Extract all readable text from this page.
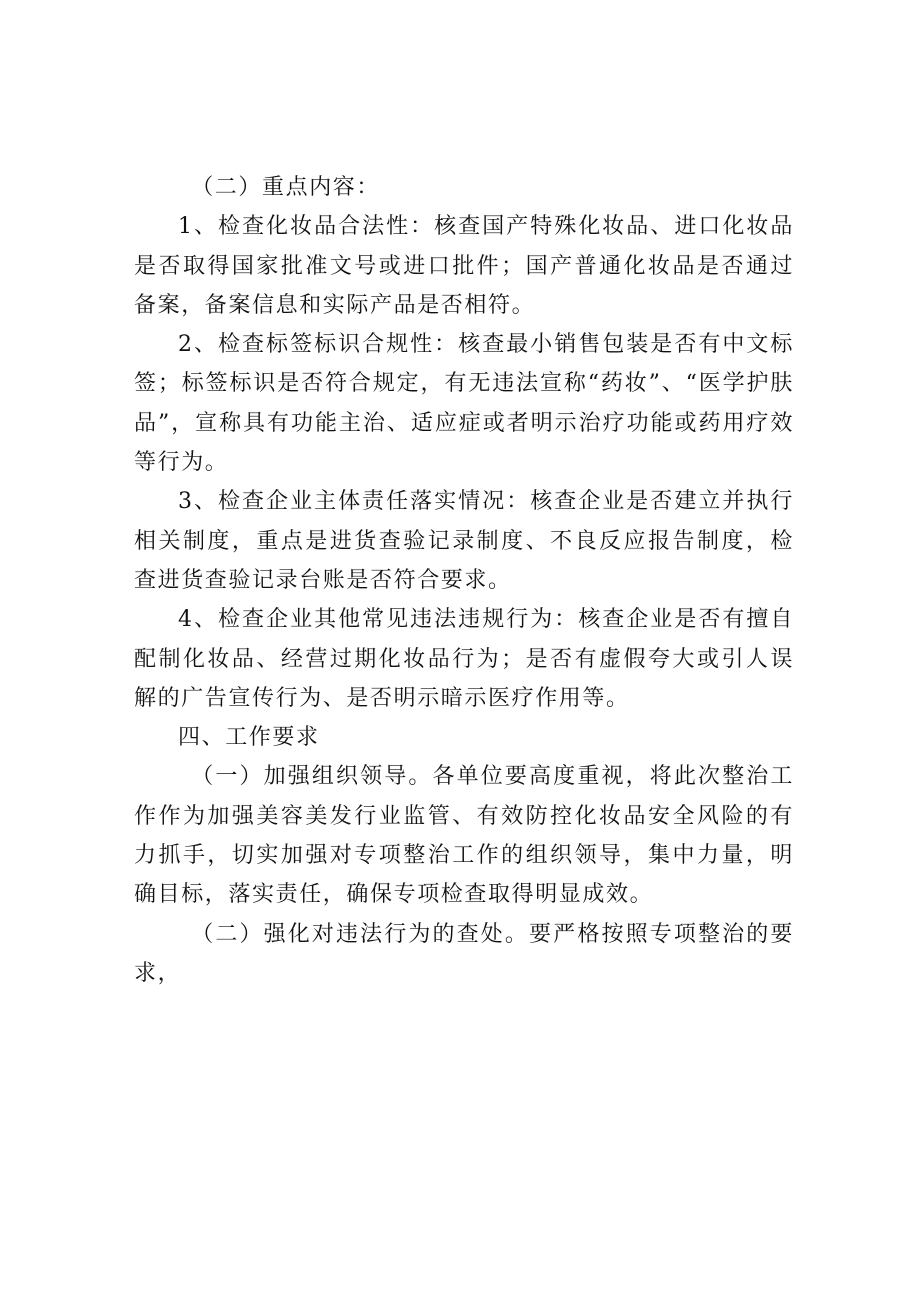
（二）重点内容：

1、检查化妆品合法性：核查国产特殊化妆品、进口化妆品是否取得国家批准文号或进口批件；国产普通化妆品是否通过备案，备案信息和实际产品是否相符。

2、检查标签标识合规性：核查最小销售包装是否有中文标签；标签标识是否符合规定，有无违法宣称“药妆”、“医学护肤品”，宣称具有功能主治、适应症或者明示治疗功能或药用疗效等行为。

3、检查企业主体责任落实情况：核查企业是否建立并执行相关制度，重点是进货查验记录制度、不良反应报告制度，检查进货查验记录台账是否符合要求。

4、检查企业其他常见违法违规行为：核查企业是否有擅自配制化妆品、经营过期化妆品行为；是否有虚假夸大或引人误解的广告宣传行为、是否明示暗示医疗作用等。

四、工作要求

（一）加强组织领导。各单位要高度重视，将此次整治工作作为加强美容美发行业监管、有效防控化妆品安全风险的有力抓手，切实加强对专项整治工作的组织领导，集中力量，明确目标，落实责任，确保专项检查取得明显成效。

（二）强化对违法行为的查处。要严格按照专项整治的要求，
